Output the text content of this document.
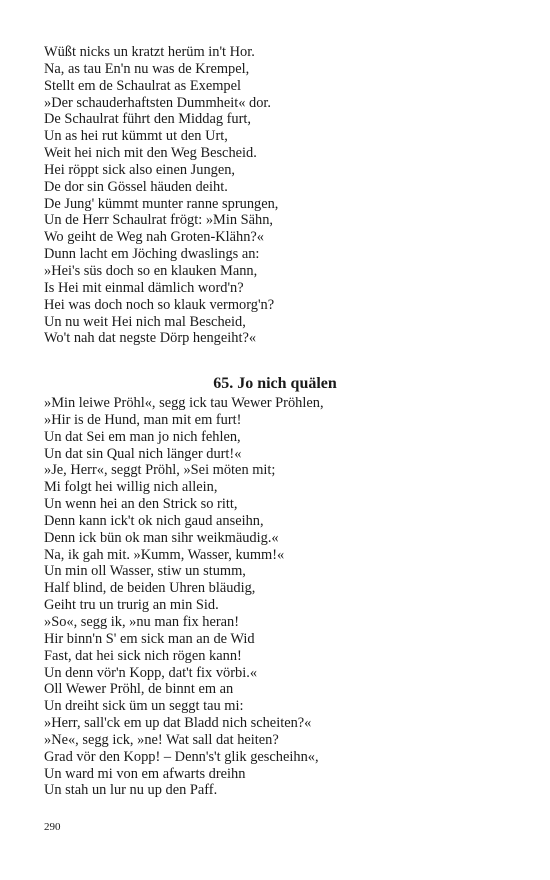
Wüßt nicks un kratzt herüm in't Hor.
Na, as tau En'n nu was de Krempel,
Stellt em de Schaulrat as Exempel
»Der schauderhaftsten Dummheit« dor.
De Schaulrat führt den Middag furt,
Un as hei rut kümmt ut den Urt,
Weit hei nich mit den Weg Bescheid.
Hei röppt sick also einen Jungen,
De dor sin Gössel häuden deiht.
De Jung' kümmt munter ranne sprungen,
Un de Herr Schaulrat frögt: »Min Sähn,
Wo geiht de Weg nah Groten-Klähn?«
Dunn lacht em Jöching dwaslings an:
»Hei's süs doch so en klauken Mann,
Is Hei mit einmal dämlich word'n?
Hei was doch noch so klauk vermorg'n?
Un nu weit Hei nich mal Bescheid,
Wo't nah dat negste Dörp hengeiht?«
65. Jo nich quälen
»Min leiwe Pröhl«, segg ick tau Wewer Pröhlen,
»Hir is de Hund, man mit em furt!
Un dat Sei em man jo nich fehlen,
Un dat sin Qual nich länger durt!«
»Je, Herr«, seggt Pröhl, »Sei möten mit;
Mi folgt hei willig nich allein,
Un wenn hei an den Strick so ritt,
Denn kann ick't ok nich gaud anseihn,
Denn ick bün ok man sihr weikmäudig.«
Na, ik gah mit. »Kumm, Wasser, kumm!«
Un min oll Wasser, stiw un stumm,
Half blind, de beiden Uhren bläudig,
Geiht tru un trurig an min Sid.
»So«, segg ik, »nu man fix heran!
Hir binn'n S' em sick man an de Wid
Fast, dat hei sick nich rögen kann!
Un denn vör'n Kopp, dat't fix vörbi.«
Oll Wewer Pröhl, de binnt em an
Un dreiht sick üm un seggt tau mi:
»Herr, sall'ck em up dat Bladd nich scheiten?«
»Ne«, segg ick, »ne! Wat sall dat heiten?
Grad vör den Kopp! – Denn's't glik gescheihn«,
Un ward mi von em afwarts dreihn
Un stah un lur nu up den Paff.
290
